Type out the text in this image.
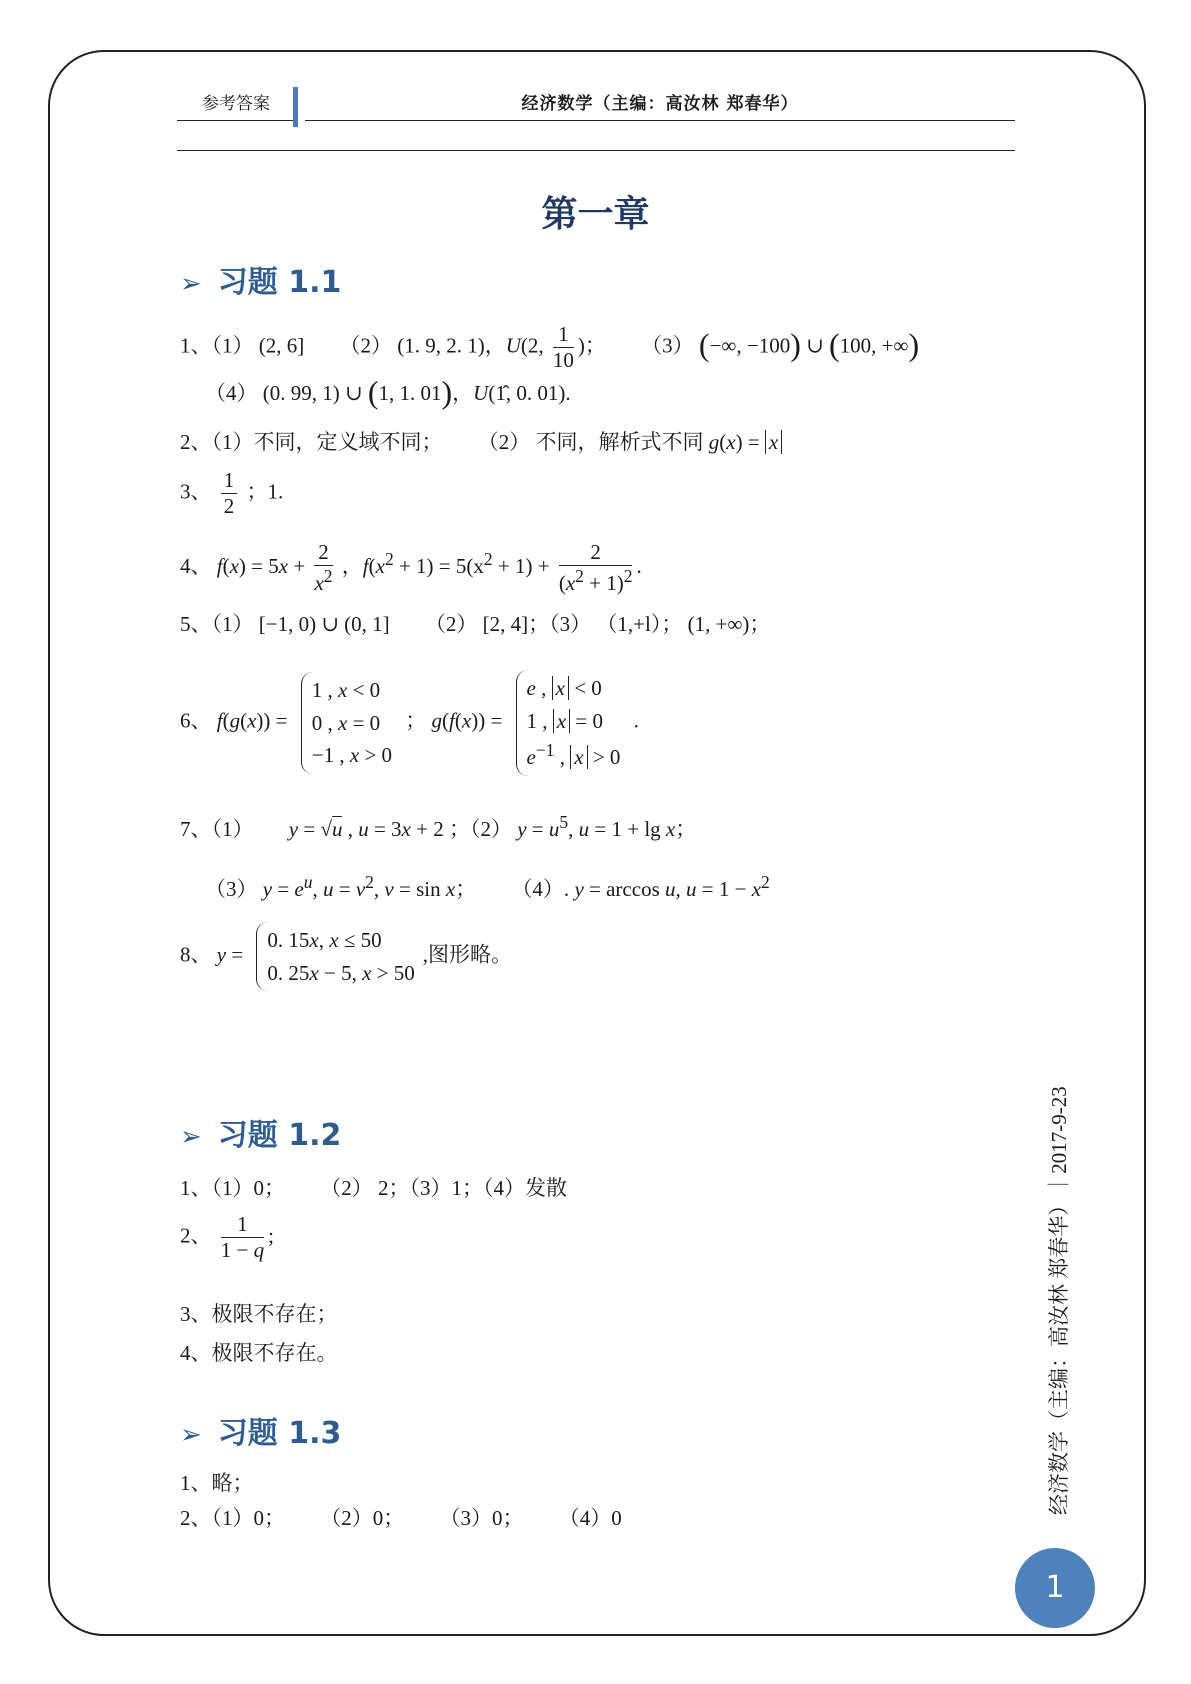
参考答案	经济数学（主编：高汝林 郑春华）
第一章
➢ 习题 1.1
1、（1） (2, 6] （2） (1. 9, 2. 1)，U(2, $\frac{1}{10}$ )； （3） (−∞, −100) ∪ (100, +∞)
（4） (0. 99, 1) ∪ (1, 1. 01)，U(1̂, 0. 01).
2、（1）不同，定义域不同； （2） 不同，解析式不同 g(x) = x
3、 $\frac{1}{2}$ ；1.
4、 $f(x) = 5x + \frac{2}{x^2}$ ，$f(x^2 + 1) = 5(x^2 + 1) + \frac{2}{(x^2 + 1)^2}$ .
5、（1） [−1, 0) ∪ (0, 1] （2） [2, 4]；（3） （1,+l）； (1, +∞)；
6、 f(g(x)) = 1 , x < 0
0 , x = 0
−1 , x > 0 ； g(f(x)) = e , x < 0
1 , x = 0
$e^{-1}$ , x > 0 .
7、（1） y = √u , u = 3x + 2 ；（2） $y = u^5$, u = 1 + lg x；
（3） $y = e^u$, $u = v^2$, v = sin x； （4）. y = arccos u, $u = 1 - x^2$
8、 y = 0. 15x, x ≤ 50
0. 25x − 5, x > 50,图形略。
➢ 习题 1.2
1、（1）0； （2） 2；（3）1；（4）发散
2、 $\frac{1}{1 - q}$ ;
3、极限不存在；
4、极限不存在。
➢ 习题 1.3
1、略；
2、（1）0； （2）0； （3）0； （4）0
经济数学（主编：高汝林 郑春华）｜2017-9-23
1
